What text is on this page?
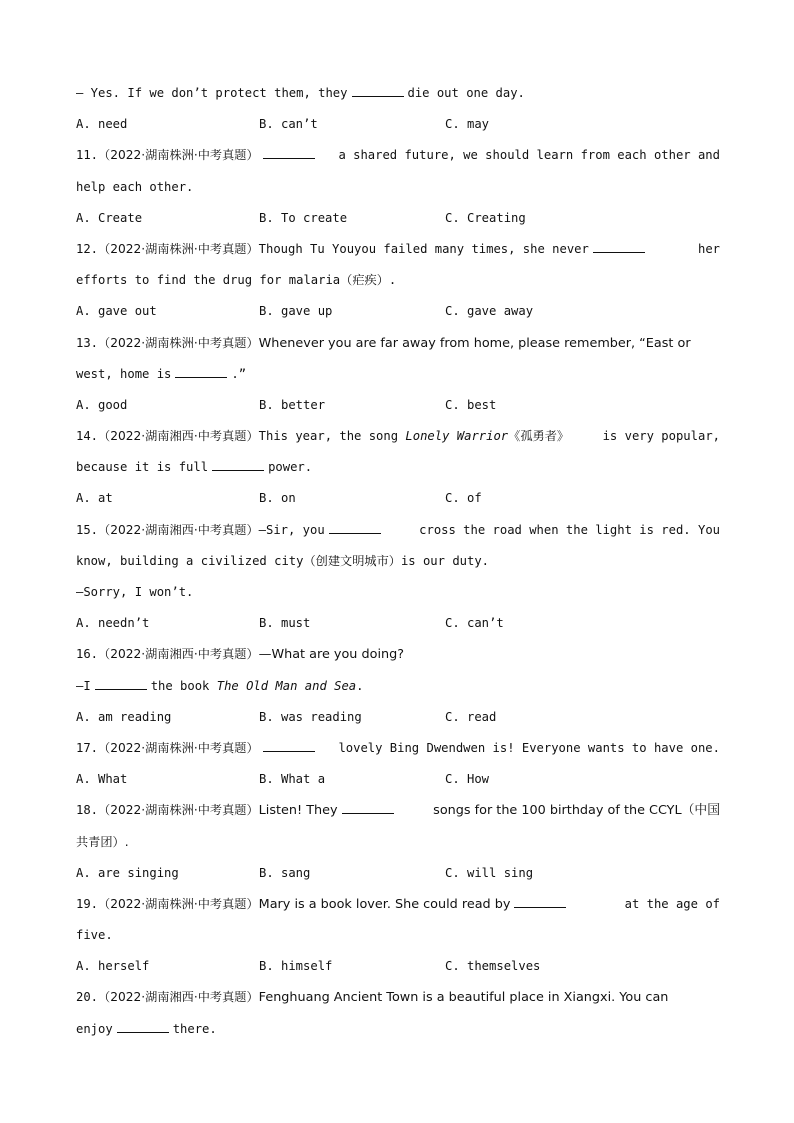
— Yes. If we don’t protect them, they	die out one day.
A. need	B. can’t	C. may
11.（2022·湖南株洲·中考真题）	a shared future, we should learn from each other and
help each other.
A. Create	B. To create	C. Creating
12.（2022·湖南株洲·中考真题）Though Tu Youyou failed many times, she never	her
efforts to find the drug for malaria（疟疾）.
A. gave out	B. gave up	C. gave away
13.（2022·湖南株洲·中考真题）Whenever you are far away from home, please remember, “East or
west, home is	.”
A. good	B. better	C. best
14.（2022·湖南湘西·中考真题）This year, the song Lonely Warrior《孤勇者》	is very popular,
because it is full	power.
A. at	B. on	C. of
15.（2022·湖南湘西·中考真题）—Sir, you	cross the road when the light is red. You
know, building a civilized city（创建文明城市）is our duty.
—Sorry, I won’t.
A. needn’t	B. must	C. can’t
16.（2022·湖南湘西·中考真题）—What are you doing?
—I	the book The Old Man and Sea.
A. am reading	B. was reading	C. read
17.（2022·湖南株洲·中考真题）	lovely Bing Dwendwen is! Everyone wants to have one.
A. What	B. What a	C. How
18.（2022·湖南株洲·中考真题）Listen! They	songs for the 100 birthday of the CCYL（中国
共青团）.
A. are singing	B. sang	C. will sing
19.（2022·湖南株洲·中考真题）Mary is a book lover. She could read by	at the age of
five.
A. herself	B. himself	C. themselves
20.（2022·湖南湘西·中考真题）Fenghuang Ancient Town is a beautiful place in Xiangxi. You can
enjoy	there.
